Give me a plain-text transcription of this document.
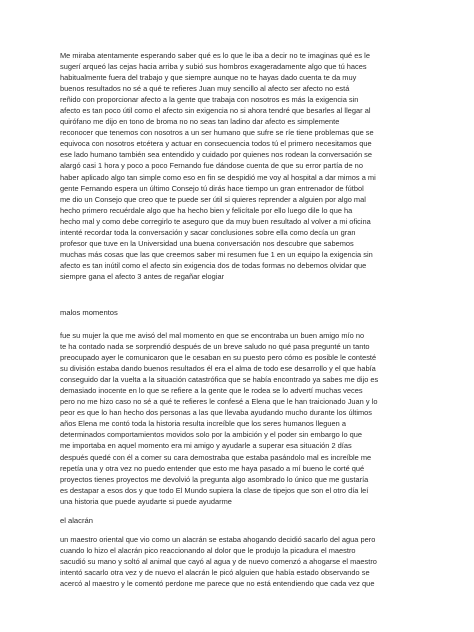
Me miraba atentamente esperando saber qué es lo que le iba a decir no te imaginas qué es le
sugerí arqueó las cejas hacia arriba y subió sus hombros exageradamente algo que tú haces
habitualmente fuera del trabajo y que siempre aunque no te hayas dado cuenta te da muy
buenos resultados no sé a qué te refieres Juan muy sencillo al afecto ser afecto no está
reñido con proporcionar afecto a la gente que trabaja con nosotros es más la exigencia sin
afecto es tan poco útil como el afecto sin exigencia no si ahora tendré que besarles al llegar al
quirófano me dijo en tono de broma no no seas tan ladino dar afecto es simplemente
reconocer que tenemos con nosotros a un ser humano que sufre se ríe tiene problemas que se
equivoca con nosotros etcétera y actuar en consecuencia todos tú el primero necesitamos que
ese lado humano también sea entendido y cuidado por quienes nos rodean la conversación se
alargó casi 1 hora y poco a poco Fernando fue dándose cuenta de que su error partía de no
haber aplicado algo tan simple como eso en fin se despidió me voy al hospital a dar mimos a mi
gente Fernando espera un último Consejo tú dirás hace tiempo un gran entrenador de fútbol
me dio un Consejo que creo que te puede ser útil si quieres reprender a alguien por algo mal
hecho primero recuérdale algo que ha hecho bien y felicítale por ello luego dile lo que ha
hecho mal y como debe corregirlo te aseguro que da muy buen resultado al volver a mi oficina
intenté recordar toda la conversación y sacar conclusiones sobre ella como decía un gran
profesor que tuve en la Universidad una buena conversación nos descubre que sabemos
muchas más cosas que las que creemos saber mi resumen fue 1 en un equipo la exigencia sin
afecto es tan inútil como el afecto sin exigencia dos de todas formas no debemos olvidar que
siempre gana el afecto 3 antes de regañar elogiar

malos momentos

fue su mujer la que me avisó del mal momento en que se encontraba un buen amigo mío no
te ha contado nada se sorprendió después de un breve saludo no qué pasa pregunté un tanto
preocupado ayer le comunicaron que le cesaban en su puesto pero cómo es posible le contesté
su división estaba dando buenos resultados él era el alma de todo ese desarrollo y el que había
conseguido dar la vuelta a la situación catastrófica que se había encontrado ya sabes me dijo es
demasiado inocente en lo que se refiere a la gente que le rodea se lo advertí muchas veces
pero no me hizo caso no sé a qué te refieres le confesé a Elena que le han traicionado Juan y lo
peor es que lo han hecho dos personas a las que llevaba ayudando mucho durante los últimos
años Elena me contó toda la historia resulta increíble que los seres humanos lleguen a
determinados comportamientos movidos solo por la ambición y el poder sin embargo lo que
me importaba en aquel momento era mi amigo y ayudarle a superar esa situación 2 días
después quedé con él a comer su cara demostraba que estaba pasándolo mal es increíble me
repetía una y otra vez no puedo entender que esto me haya pasado a mí bueno le corté qué
proyectos tienes proyectos me devolvió la pregunta algo asombrado lo único que me gustaría
es destapar a esos dos y que todo El Mundo supiera la clase de tipejos que son el otro día leí
una historia que puede ayudarte si puede ayudarme

el alacrán

un maestro oriental que vio como un alacrán se estaba ahogando decidió sacarlo del agua pero
cuando lo hizo el alacrán pico reaccionando al dolor que le produjo la picadura el maestro
sacudió su mano y soltó al animal que cayó al agua y de nuevo comenzó a ahogarse el maestro
intentó sacarlo otra vez y de nuevo el alacrán le picó alguien que había estado observando se
acercó al maestro y le comentó perdone me parece que no está entendiendo que cada vez que
